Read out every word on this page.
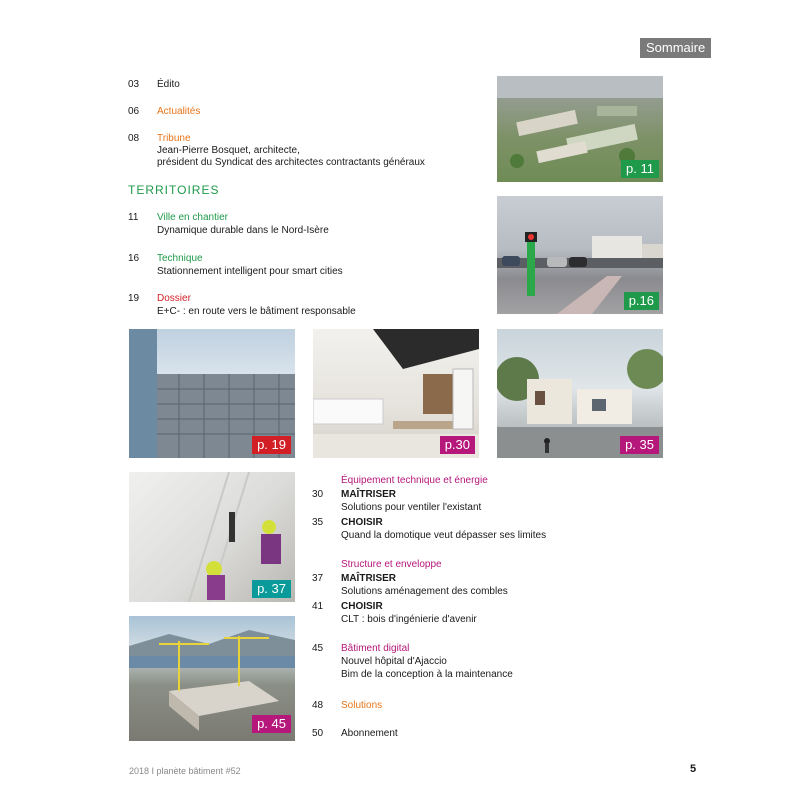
Sommaire
03	Édito
06	Actualités
08	Tribune
Jean-Pierre Bosquet, architecte,
président du Syndicat des architectes contractants généraux
TERRITOIRES
11	Ville en chantier
Dynamique durable dans le Nord-Isère
16	Technique
Stationnement intelligent pour smart cities
19	Dossier
E+C- : en route vers le bâtiment responsable
p. 11
p.16
p. 19	p.30	p. 35
p. 37
p. 45
Équipement technique et énergie
30	MAÎTRISER
Solutions pour ventiler l'existant
35	CHOISIR
Quand la domotique veut dépasser ses limites
Structure et enveloppe
37	MAÎTRISER
Solutions aménagement des combles
41	CHOISIR
CLT : bois d'ingénierie d'avenir
45	Bâtiment digital
Nouvel hôpital d'Ajaccio
Bim de la conception à la maintenance
48	Solutions
50	Abonnement
2018 I planète bâtiment #52	5
